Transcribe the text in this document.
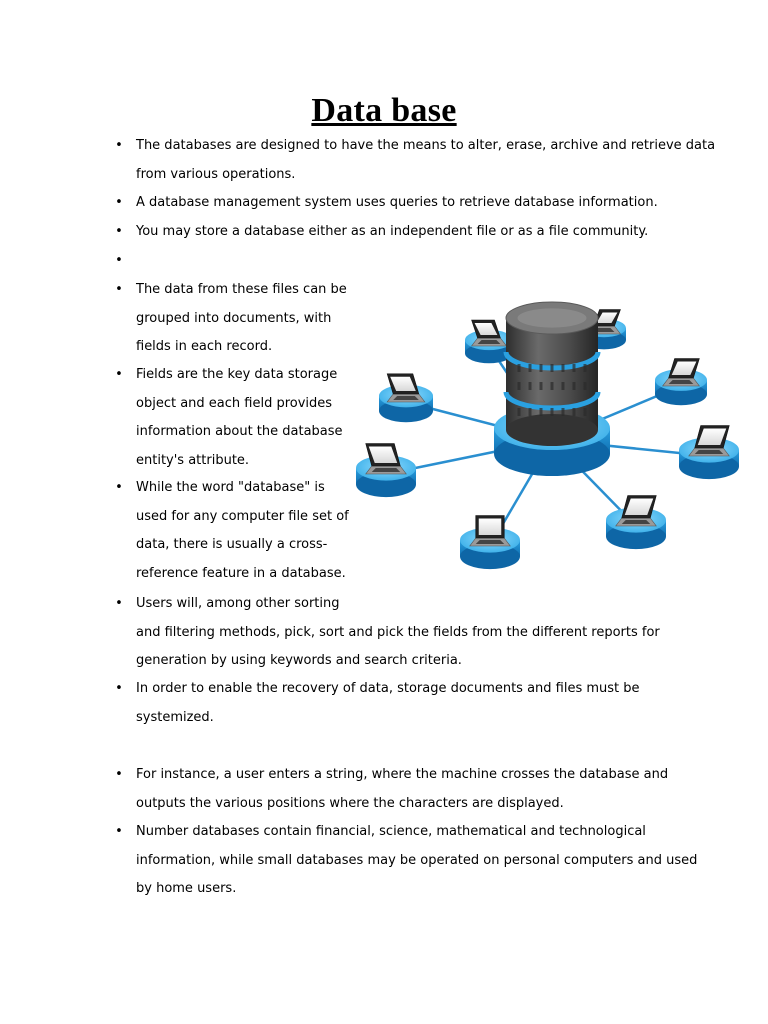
Data base
• The databases are designed to have the means to alter, erase, archive and retrieve data
from various operations.
• A database management system uses queries to retrieve database information.
• You may store a database either as an independent file or as a file community.
•
• The data from these files can be
grouped into documents, with
fields in each record.
• Fields are the key data storage
object and each field provides
information about the database
entity's attribute.
• While the word "database" is
used for any computer file set of
data, there is usually a cross-
reference feature in a database.
• Users will, among other sorting
and filtering methods, pick, sort and pick the fields from the different reports for
generation by using keywords and search criteria.
• In order to enable the recovery of data, storage documents and files must be
systemized.
• For instance, a user enters a string, where the machine crosses the database and
outputs the various positions where the characters are displayed.
• Number databases contain financial, science, mathematical and technological
information, while small databases may be operated on personal computers and used
by home users.
